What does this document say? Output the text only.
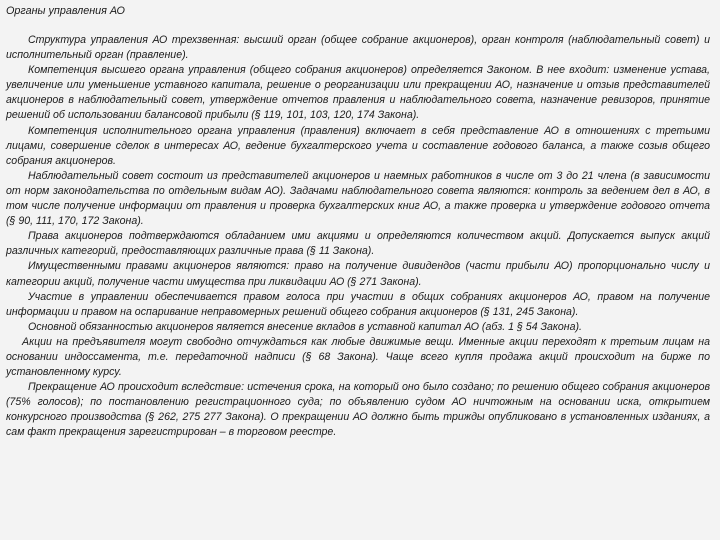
Органы управления АО

Структура управления АО трехзвенная: высший орган (общее собрание акционеров), орган контроля (наблюдательный совет) и исполнительный орган (правление).

Компетенция высшего органа управления (общего собрания акционеров) определяется Законом. В нее входит: изменение устава, увеличение или уменьшение уставного капитала, решение о реорганизации или прекращении АО, назначение и отзыв представителей акционеров в наблюдательный совет, утверждение отчетов правления и наблюдательного совета, назначение ревизоров, принятие решений об использовании балансовой прибыли (§ 119, 101, 103, 120, 174 Закона).

Компетенция исполнительного органа управления (правления) включает в себя представление АО в отношениях с третьими лицами, совершение сделок в интересах АО, ведение бухгалтерского учета и составление годового баланса, а также созыв общего собрания акционеров.

Наблюдательный совет состоит из представителей акционеров и наемных работников в числе от 3 до 21 члена (в зависимости от норм законодательства по отдельным видам АО). Задачами наблюдательного совета являются: контроль за ведением дел в АО, в том числе получение информации от правления и проверка бухгалтерских книг АО, а также проверка и утверждение годового отчета (§ 90, 111, 170, 172 Закона).

Права акционеров подтверждаются обладанием ими акциями и определяются количеством акций. Допускается выпуск акций различных категорий, предоставляющих различные права (§ 11 Закона).

Имущественными правами акционеров являются: право на получение дивидендов (части прибыли АО) пропорционально числу и категории акций, получение части имущества при ликвидации АО (§ 271 Закона).

Участие в управлении обеспечивается правом голоса при участии в общих собраниях акционеров АО, правом на получение информации и правом на оспаривание неправомерных решений общего собрания акционеров (§ 131, 245 Закона).

Основной обязанностью акционеров является внесение вкладов в уставной капитал АО (абз. 1 § 54 Закона).

Акции на предъявителя могут свободно отчуждаться как любые движимые вещи. Именные акции переходят к третьим лицам на основании индоссамента, т.е. передаточной надписи (§ 68 Закона). Чаще всего купля продажа акций происходит на бирже по установленному курсу.

Прекращение АО происходит вследствие: истечения срока, на который оно было создано; по решению общего собрания акционеров (75% голосов); по постановлению регистрационного суда; по объявлению судом АО ничтожным на основании иска, открытием конкурсного производства (§ 262, 275 277 Закона). О прекращении АО должно быть трижды опубликовано в установленных изданиях, а сам факт прекращения зарегистрирован – в торговом реестре.
